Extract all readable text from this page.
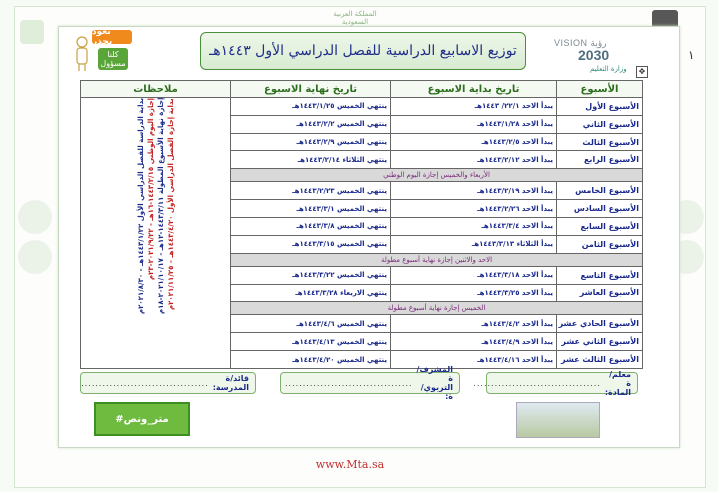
المملكة العربية السعودية
١
نعود بحذر
كلنا مسؤول
توزيع الاسابيع الدراسية للفصل الدراسي الأول ١٤٤٣هـ	VISION رؤية
2030
وزارة التعليم	✥
الأسبوع	تاريخ بداية الاسبوع	تاريخ نهاية الاسبوع	ملاحظات
الأسبوع الأول	يبدأ الاحد ٢٢/١/ ١٤٤٣هـ	ينتهي الخميس ١٤٤٣/١/٢٥هـ	بداية الدراسة للفصل الدراسي الأول ١٤٤٣/١/٢٢هـ - ٢٠٢١/٨/٣٠م
إجازة اليوم الوطني ١٤٤٣/٢/١٥-١٦هـ - ٢٠٢١/٩/٢٢-٢٣م
إجازة نهاية الأسبوع المطولة ١٤٤٣/٣/١١-١٢هـ - ٢٠٢١/١٠/١٧-١٨م
بداية إجازة الفصل الدراسي الأول ١٤٤٣/٤/٢٠هـ - ٢٠٢١/١١/٢٥م

الأسبوع الثاني	يبدأ الاحد ١٤٤٣/١/٢٨هـ	ينتهي الخميس ١٤٤٣/٢/٢هـ	
الأسبوع الثالث	يبدأ الاحد ١٤٤٣/٢/٥هـ	ينتهي الخميس ١٤٤٣/٢/٩هـ	
الأسبوع الرابع	يبدأ الاحد ١٤٤٣/٢/١٢هـ	ينتهي الثلاثاء ١٤٤٣/٢/١٤هـ	
الأربعاء والخميس إجازة اليوم الوطني			
الأسبوع الخامس	يبدأ الاحد ١٤٤٣/٢/١٩هـ	ينتهي الخميس ١٤٤٣/٢/٢٣هـ	
الأسبوع السادس	يبدأ الاحد ١٤٤٣/٢/٢٦هـ	ينتهي الخميس ١٤٤٣/٣/١هـ	
الأسبوع السابع	يبدأ الاحد ١٤٤٣/٣/٤هـ	ينتهي الخميس ١٤٤٣/٣/٨هـ	
الأسبوع الثامن	يبدأ الثلاثاء ١٤٤٣/٣/١٣هـ	ينتهي الخميس ١٤٤٣/٣/١٥هـ	
الاحد والاثنين إجازة نهاية أسبوع مطولة			
الأسبوع التاسع	يبدأ الاحد ١٤٤٣/٣/١٨هـ	ينتهي الخميس ١٤٤٣/٣/٢٢هـ	
الأسبوع العاشر	يبدأ الاحد ١٤٤٣/٣/٢٥هـ	ينتهي الاربعاء ١٤٤٣/٣/٢٨هـ	
الخميس إجازة نهاية أسبوع مطولة			
الأسبوع الحادي عشر	يبدأ الاحد ١٤٤٣/٤/٢هـ	ينتهي الخميس ١٤٤٣/٤/٦هـ	
الأسبوع الثاني عشر	يبدأ الاحد ١٤٤٣/٤/٩هـ	ينتهي الخميس ١٤٤٣/٤/١٣هـ	
الأسبوع الثالث عشر	يبدأ الاحد ١٤٤٣/٤/١٦هـ	ينتهي الخميس ١٤٤٣/٤/٢٠هـ	
معلم/ة المادة:
....................................
المشرف/ة التربوي/ة:
....................................
قائد/ة المدرسة:
....................................
#متر_ونص
www.Mta.sa
